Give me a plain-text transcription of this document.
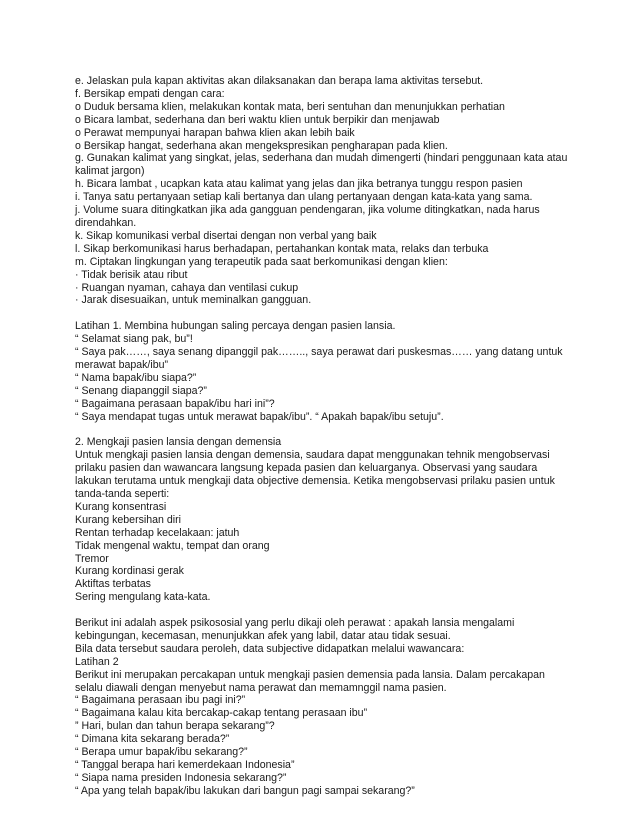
e. Jelaskan pula kapan aktivitas akan dilaksanakan dan berapa lama aktivitas tersebut.
f. Bersikap empati dengan cara:
o Duduk bersama klien, melakukan kontak mata, beri sentuhan dan menunjukkan perhatian
o Bicara lambat, sederhana dan beri waktu klien untuk berpikir dan menjawab
o Perawat mempunyai harapan bahwa klien akan lebih baik
o Bersikap hangat, sederhana akan mengekspresikan pengharapan pada klien.
g. Gunakan kalimat yang singkat, jelas, sederhana dan mudah dimengerti (hindari penggunaan kata atau
kalimat jargon)
h. Bicara lambat , ucapkan kata atau kalimat yang jelas dan jika betranya tunggu respon pasien
i. Tanya satu pertanyaan setiap kali bertanya dan ulang pertanyaan dengan kata-kata yang sama.
j. Volume suara ditingkatkan jika ada gangguan pendengaran, jika volume ditingkatkan, nada harus
direndahkan.
k. Sikap komunikasi verbal disertai dengan non verbal yang baik
l. Sikap berkomunikasi harus berhadapan, pertahankan kontak mata, relaks dan terbuka
m. Ciptakan lingkungan yang terapeutik pada saat berkomunikasi dengan klien:
· Tidak berisik atau ribut
· Ruangan nyaman, cahaya dan ventilasi cukup
· Jarak disesuaikan, untuk meminalkan gangguan.
Latihan 1. Membina hubungan saling percaya dengan pasien lansia.
“ Selamat siang pak, bu”!
“ Saya pak……, saya senang dipanggil pak…….., saya perawat dari puskesmas…… yang datang untuk
merawat bapak/ibu”
“ Nama bapak/ibu siapa?”
“ Senang diapanggil siapa?”
“ Bagaimana perasaan bapak/ibu hari ini”?
“ Saya mendapat tugas untuk merawat bapak/ibu”. “ Apakah bapak/ibu setuju”.
2. Mengkaji pasien lansia dengan demensia
Untuk mengkaji pasien lansia dengan demensia, saudara dapat menggunakan tehnik mengobservasi
prilaku pasien dan wawancara langsung kepada pasien dan keluarganya. Observasi yang saudara
lakukan terutama untuk mengkaji data objective demensia. Ketika mengobservasi prilaku pasien untuk
tanda-tanda seperti:
Kurang konsentrasi
Kurang kebersihan diri
Rentan terhadap kecelakaan: jatuh
Tidak mengenal waktu, tempat dan orang
Tremor
Kurang kordinasi gerak
Aktiftas terbatas
Sering mengulang kata-kata.
Berikut ini adalah aspek psikososial yang perlu dikaji oleh perawat : apakah lansia mengalami
kebingungan, kecemasan, menunjukkan afek yang labil, datar atau tidak sesuai.
Bila data tersebut saudara peroleh, data subjective didapatkan melalui wawancara:
Latihan 2
Berikut ini merupakan percakapan untuk mengkaji pasien demensia pada lansia. Dalam percakapan
selalu diawali dengan menyebut nama perawat dan memamnggil nama pasien.
“ Bagaimana perasaan ibu pagi ini?”
“ Bagaimana kalau kita bercakap-cakap tentang perasaan ibu”
” Hari, bulan dan tahun berapa sekarang”?
“ Dimana kita sekarang berada?”
“ Berapa umur bapak/ibu sekarang?”
“ Tanggal berapa hari kemerdekaan Indonesia”
“ Siapa nama presiden Indonesia sekarang?”
“ Apa yang telah bapak/ibu lakukan dari bangun pagi sampai sekarang?”
